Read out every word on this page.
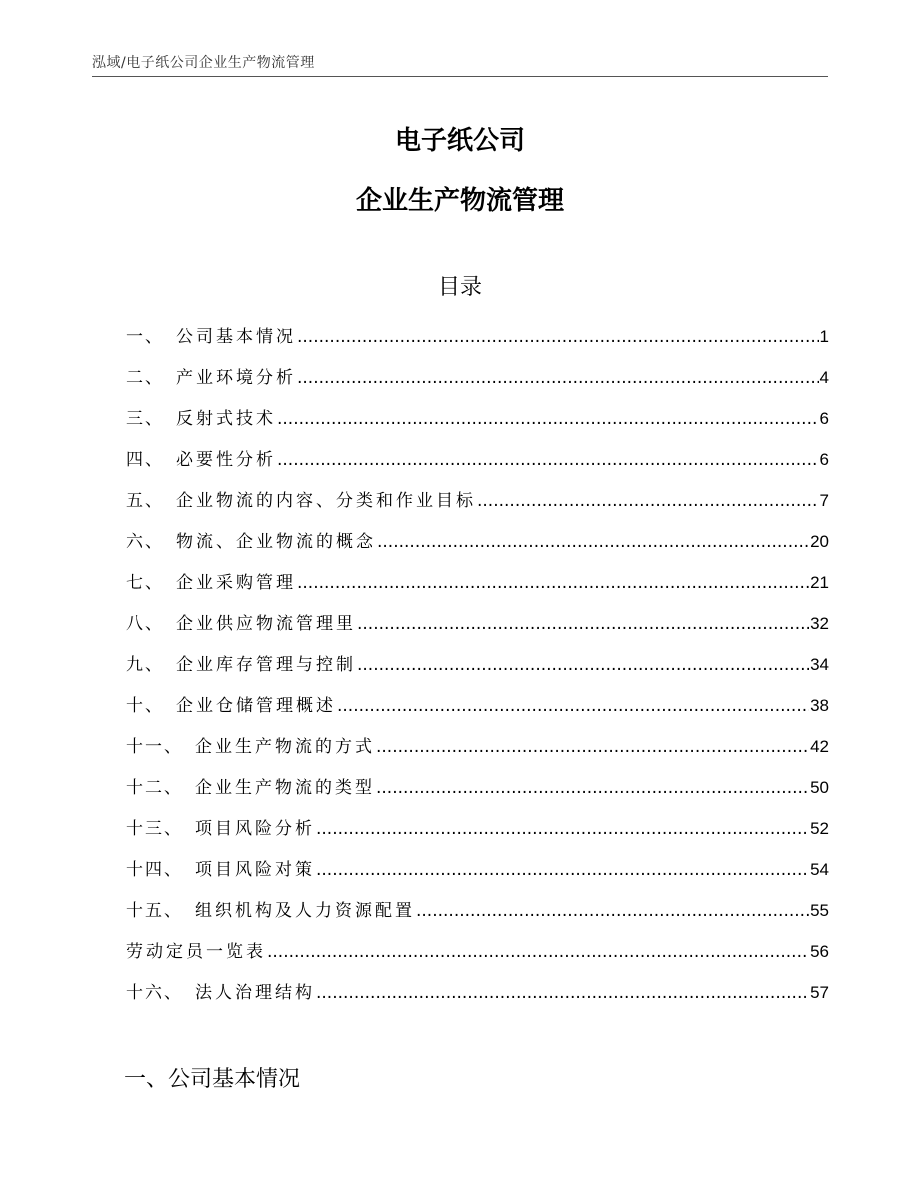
泓域/电子纸公司企业生产物流管理
电子纸公司
企业生产物流管理
目录
一、 公司基本情况 .....	1
二、 产业环境分析 .....	4
三、 反射式技术 .....	6
四、 必要性分析 .....	6
五、 企业物流的内容、分类和作业目标 .....	7
六、 物流、企业物流的概念 .....	20
七、 企业采购管理 .....	21
八、 企业供应物流管理里 .....	32
九、 企业库存管理与控制 .....	34
十、 企业仓储管理概述 .....	38
十一、 企业生产物流的方式 .....	42
十二、 企业生产物流的类型 .....	50
十三、 项目风险分析 .....	52
十四、 项目风险对策 .....	54
十五、 组织机构及人力资源配置 .....	55
劳动定员一览表 .....	56
十六、 法人治理结构 .....	57
一、公司基本情况
